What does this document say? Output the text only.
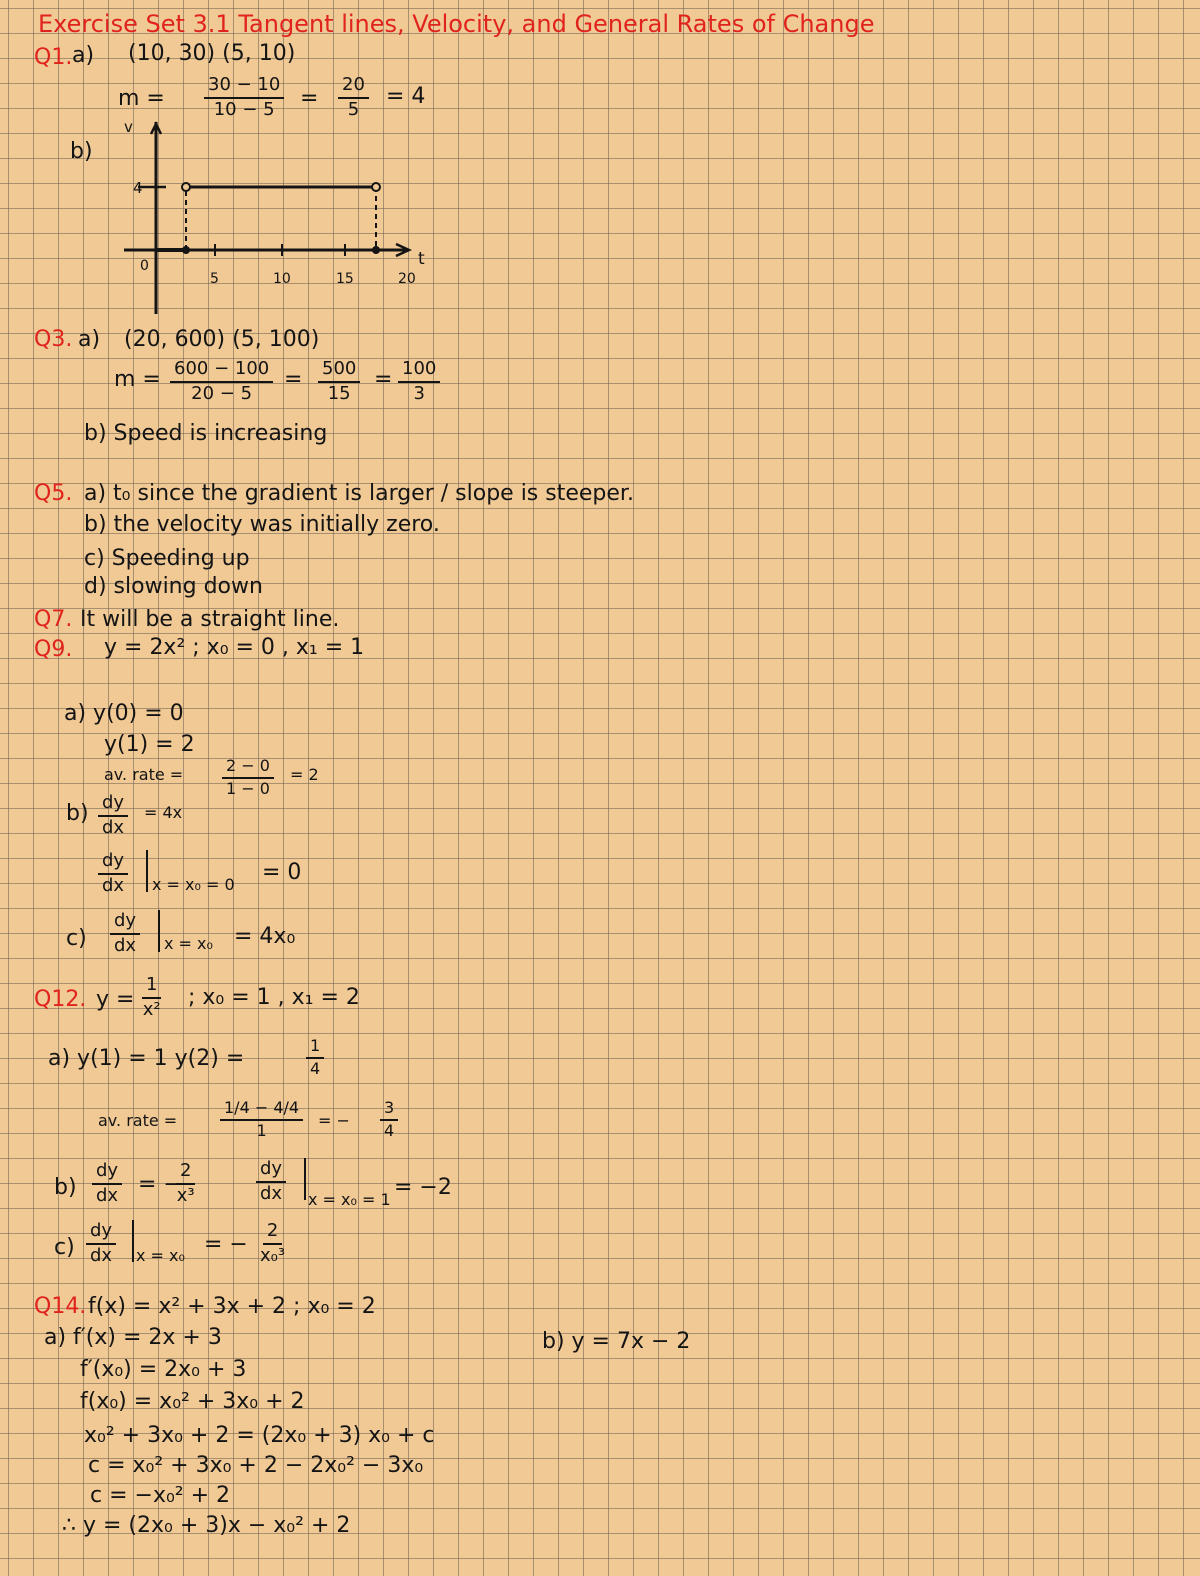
Exercise Set 3.1 Tangent lines, Velocity, and General Rates of Change
Q1. a) (10, 30) (5, 10)
$m = \frac{30 - 10}{10 - 5} = \frac{20}{5} = 4$
b)
v
t
0
4
5	10	15	20
Q3. a) (20, 600) (5, 100)
$m = \frac{600 - 100}{20 - 5} = \frac{500}{15} = \frac{100}{3}$
b) Speed is increasing
Q5. a) t₀ since the gradient is larger / slope is steeper.
b) the velocity was initially zero.
c) Speeding up
d) slowing down
Q7. It will be a straight line.
Q9. y = 2x² ; x₀ = 0 , x₁ = 1
a) y(0) = 0
y(1) = 2
av. rate = $\frac{2 - 0}{1 - 0} = 2$
$b) \frac{dy}{dx} = 4x$
$\frac{dy}{dx}$ x = x₀ = 0 = 0
$c) \frac{dy}{dx}$ x = x₀ = 4x₀
Q12. $y = \frac{1}{\text{x²}}$ ; x₀ = 1 , x₁ = 2
a) y(1) = 1 y(2) =	$\frac{1}{4}$
av. rate =	$\frac{1/4 - 4/4}{1}$ = − $\frac{3}{4}$
$b) \frac{dy}{dx}$ = −
$\frac{2}{\text{x³}}$	$\frac{dy}{dx}$ x = x₀ = 1 = −2
$c) \frac{dy}{dx}$ x = x₀ = − $\frac{2}{\text{x₀³}}$
Q14. f(x) = x² + 3x + 2 ; x₀ = 2
a) f′(x) = 2x + 3
f′(x₀) = 2x₀ + 3
f(x₀) = x₀² + 3x₀ + 2
x₀² + 3x₀ + 2 = (2x₀ + 3) x₀ + c
c = x₀² + 3x₀ + 2 − 2x₀² − 3x₀
c = −x₀² + 2
∴ y = (2x₀ + 3)x − x₀² + 2
b) y = 7x − 2
